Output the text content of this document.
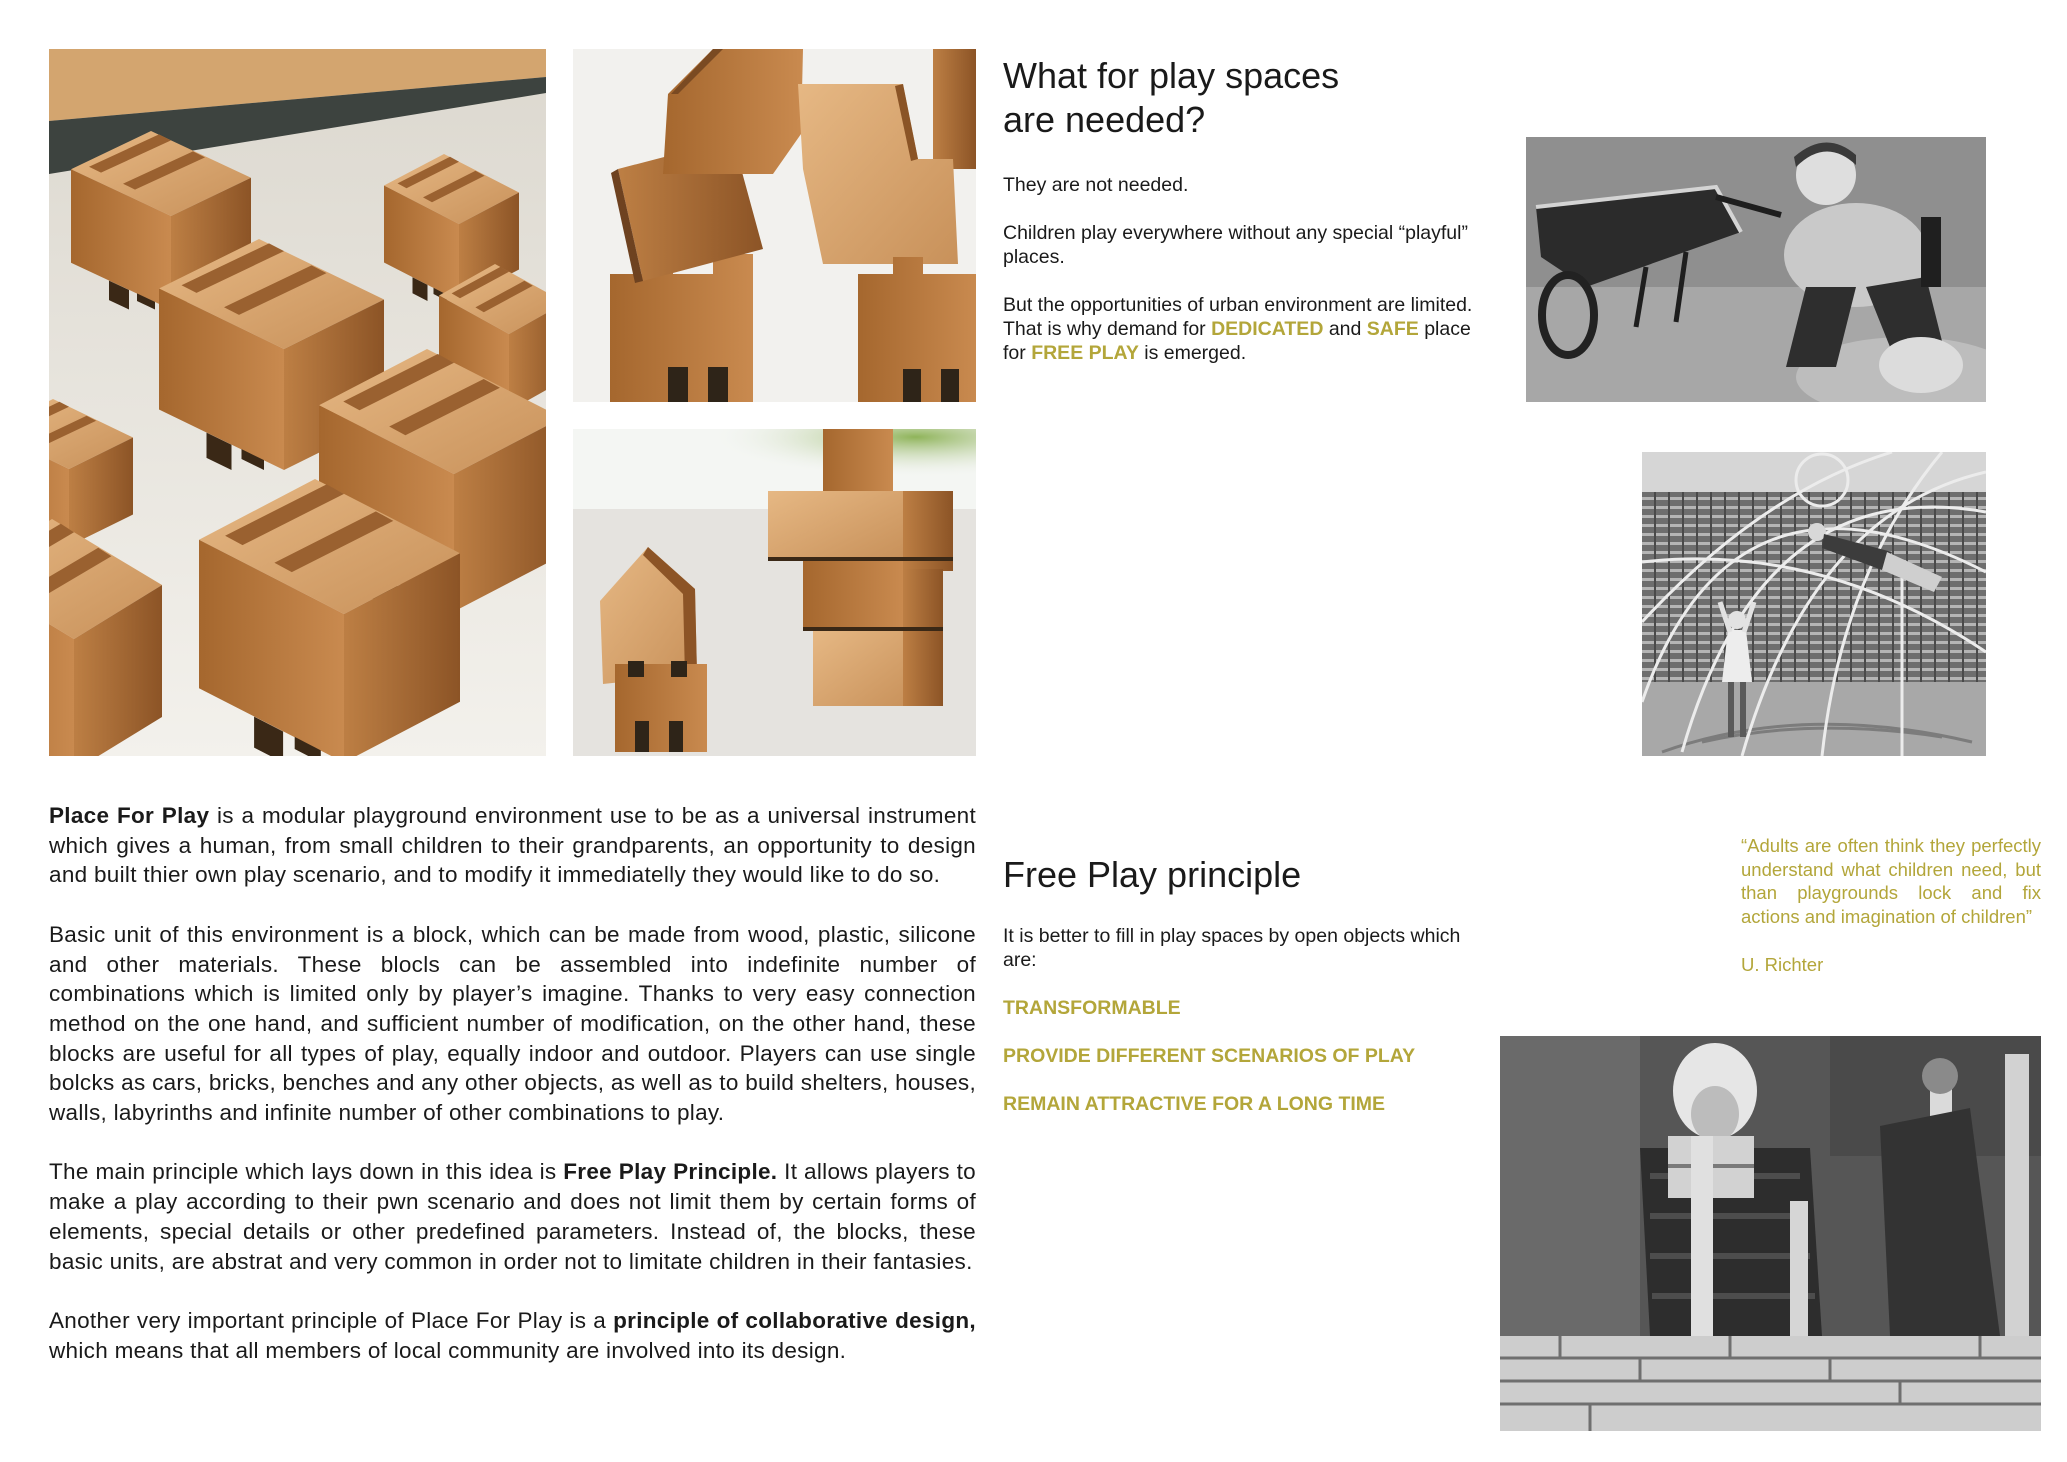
What for play spaces
are needed?

They are not needed.

Children play everywhere without any special “playful” places.

But the opportunities of urban environment are limited. That is why demand for DEDICATED and SAFE place for FREE PLAY is emerged.

Place For Play is a modular playground environment use to be as a universal instrument which gives a human, from small children to their grandparents, an opportunity to design and built thier own play scenario, and to modify it immediatelly they would like to do so.

Basic unit of this environment is a block, which can be made from wood, plastic, silicone and other materials. These blocls can be assembled into indefinite number of combinations which is limited only by player’s imagine. Thanks to very easy connection method on the one hand, and sufficient number of modification, on the other hand, these blocks are useful for all types of play, equally indoor and outdoor. Players can use single bolcks as cars, bricks, benches and any other objects, as well as to build shelters, houses, walls, labyrinths and infinite number of other combinations to play.

The main principle which lays down in this idea is Free Play Principle. It allows players to make a play according to their pwn scenario and does not limit them by certain forms of elements, special details or other predefined parameters. Instead of, the blocks, these basic units, are abstrat and very common in order not to limitate children in their fantasies.

Another very important principle of Place For Play is a principle of collaborative design, which means that all members of local community are involved into its design.

Free Play principle

It is better to fill in play spaces by open objects which are:

TRANSFORMABLE
PROVIDE DIFFERENT SCENARIOS OF PLAY
REMAIN ATTRACTIVE FOR A LONG TIME

“Adults are often think they perfectly understand what children need, but than playgrounds lock and fix actions and imagination of children”

U. Richter
